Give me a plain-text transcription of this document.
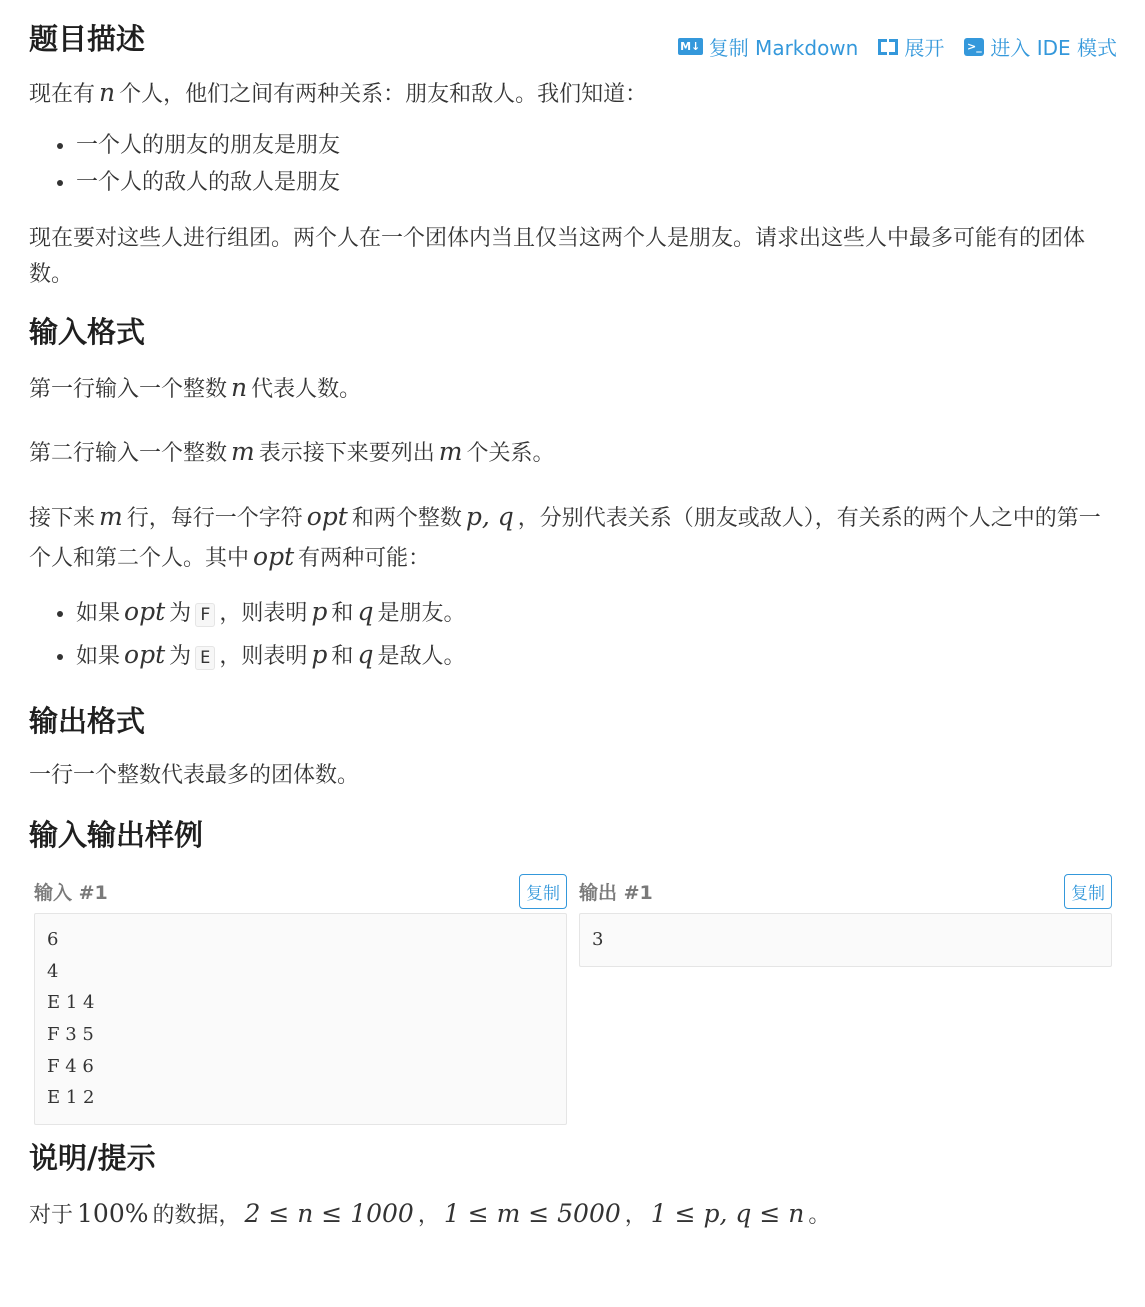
M↓ 复制 Markdown 展开 >_ 进入 IDE 模式
题目描述

现在有 n 个人，他们之间有两种关系：朋友和敌人。我们知道：

• 一个人的朋友的朋友是朋友
• 一个人的敌人的敌人是朋友

现在要对这些人进行组团。两个人在一个团体内当且仅当这两个人是朋友。请求出这些人中最多可能有的团体数。

输入格式

第一行输入一个整数 n 代表人数。

第二行输入一个整数 m 表示接下来要列出 m 个关系。

接下来 m 行，每行一个字符 opt 和两个整数 p, q ，分别代表关系（朋友或敌人），有关系的两个人之中的第一个人和第二个人。其中 opt 有两种可能：

• 如果 opt 为 F ，则表明 p 和 q 是朋友。
• 如果 opt 为 E ，则表明 p 和 q 是敌人。
输出格式

一行一个整数代表最多的团体数。

输入输出样例
输入 #1	复制
6
4
E 1 4
F 3 5
F 4 6
E 1 2
输出 #1	复制
3
说明/提示

对于 100% 的数据， 2 ≤ n ≤ 1000 ， 1 ≤ m ≤ 5000 ， 1 ≤ p, q ≤ n 。
